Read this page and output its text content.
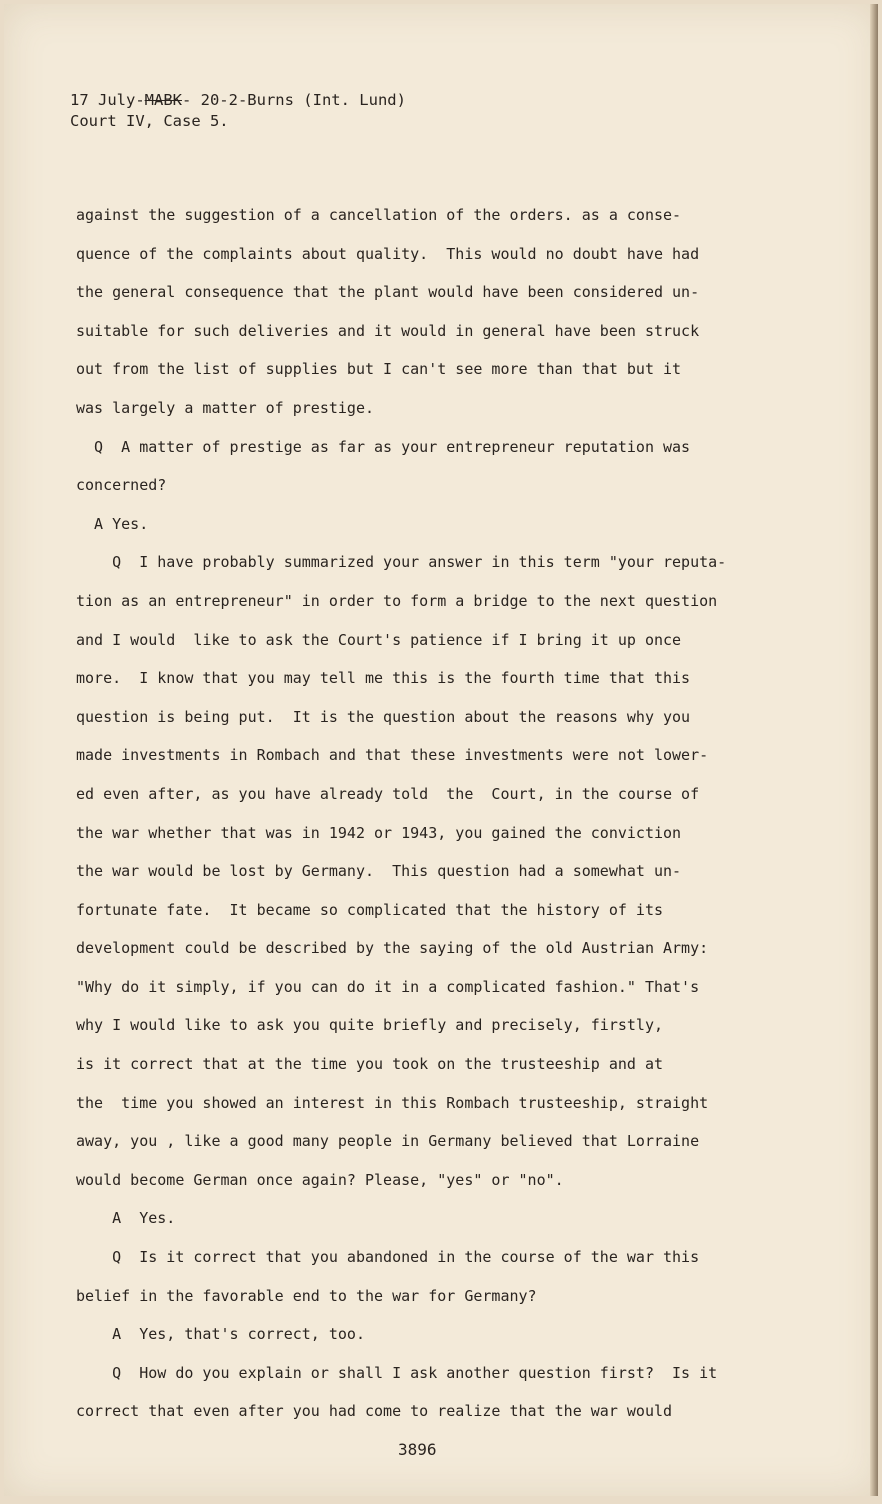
17 July-MABK- 20-2-Burns (Int. Lund)
Court IV, Case 5.
against the suggestion of a cancellation of the orders. as a conse-
quence of the complaints about quality.  This would no doubt have had
the general consequence that the plant would have been considered un-
suitable for such deliveries and it would in general have been struck
out from the list of supplies but I can't see more than that but it
was largely a matter of prestige.
Q  A matter of prestige as far as your entrepreneur reputation was
concerned?
A Yes.
Q  I have probably summarized your answer in this term "your reputa-
tion as an entrepreneur" in order to form a bridge to the next question
and I would  like to ask the Court's patience if I bring it up once
more.  I know that you may tell me this is the fourth time that this
question is being put.  It is the question about the reasons why you
made investments in Rombach and that these investments were not lower-
ed even after, as you have already told  the  Court, in the course of
the war whether that was in 1942 or 1943, you gained the conviction
the war would be lost by Germany.  This question had a somewhat un-
fortunate fate.  It became so complicated that the history of its
development could be described by the saying of the old Austrian Army:
"Why do it simply, if you can do it in a complicated fashion." That's
why I would like to ask you quite briefly and precisely, firstly,
is it correct that at the time you took on the trusteeship and at
the  time you showed an interest in this Rombach trusteeship, straight
away, you , like a good many people in Germany believed that Lorraine
would become German once again? Please, "yes" or "no".
A  Yes.
Q  Is it correct that you abandoned in the course of the war this
belief in the favorable end to the war for Germany?
A  Yes, that's correct, too.
Q  How do you explain or shall I ask another question first?  Is it
correct that even after you had come to realize that the war would
3896
